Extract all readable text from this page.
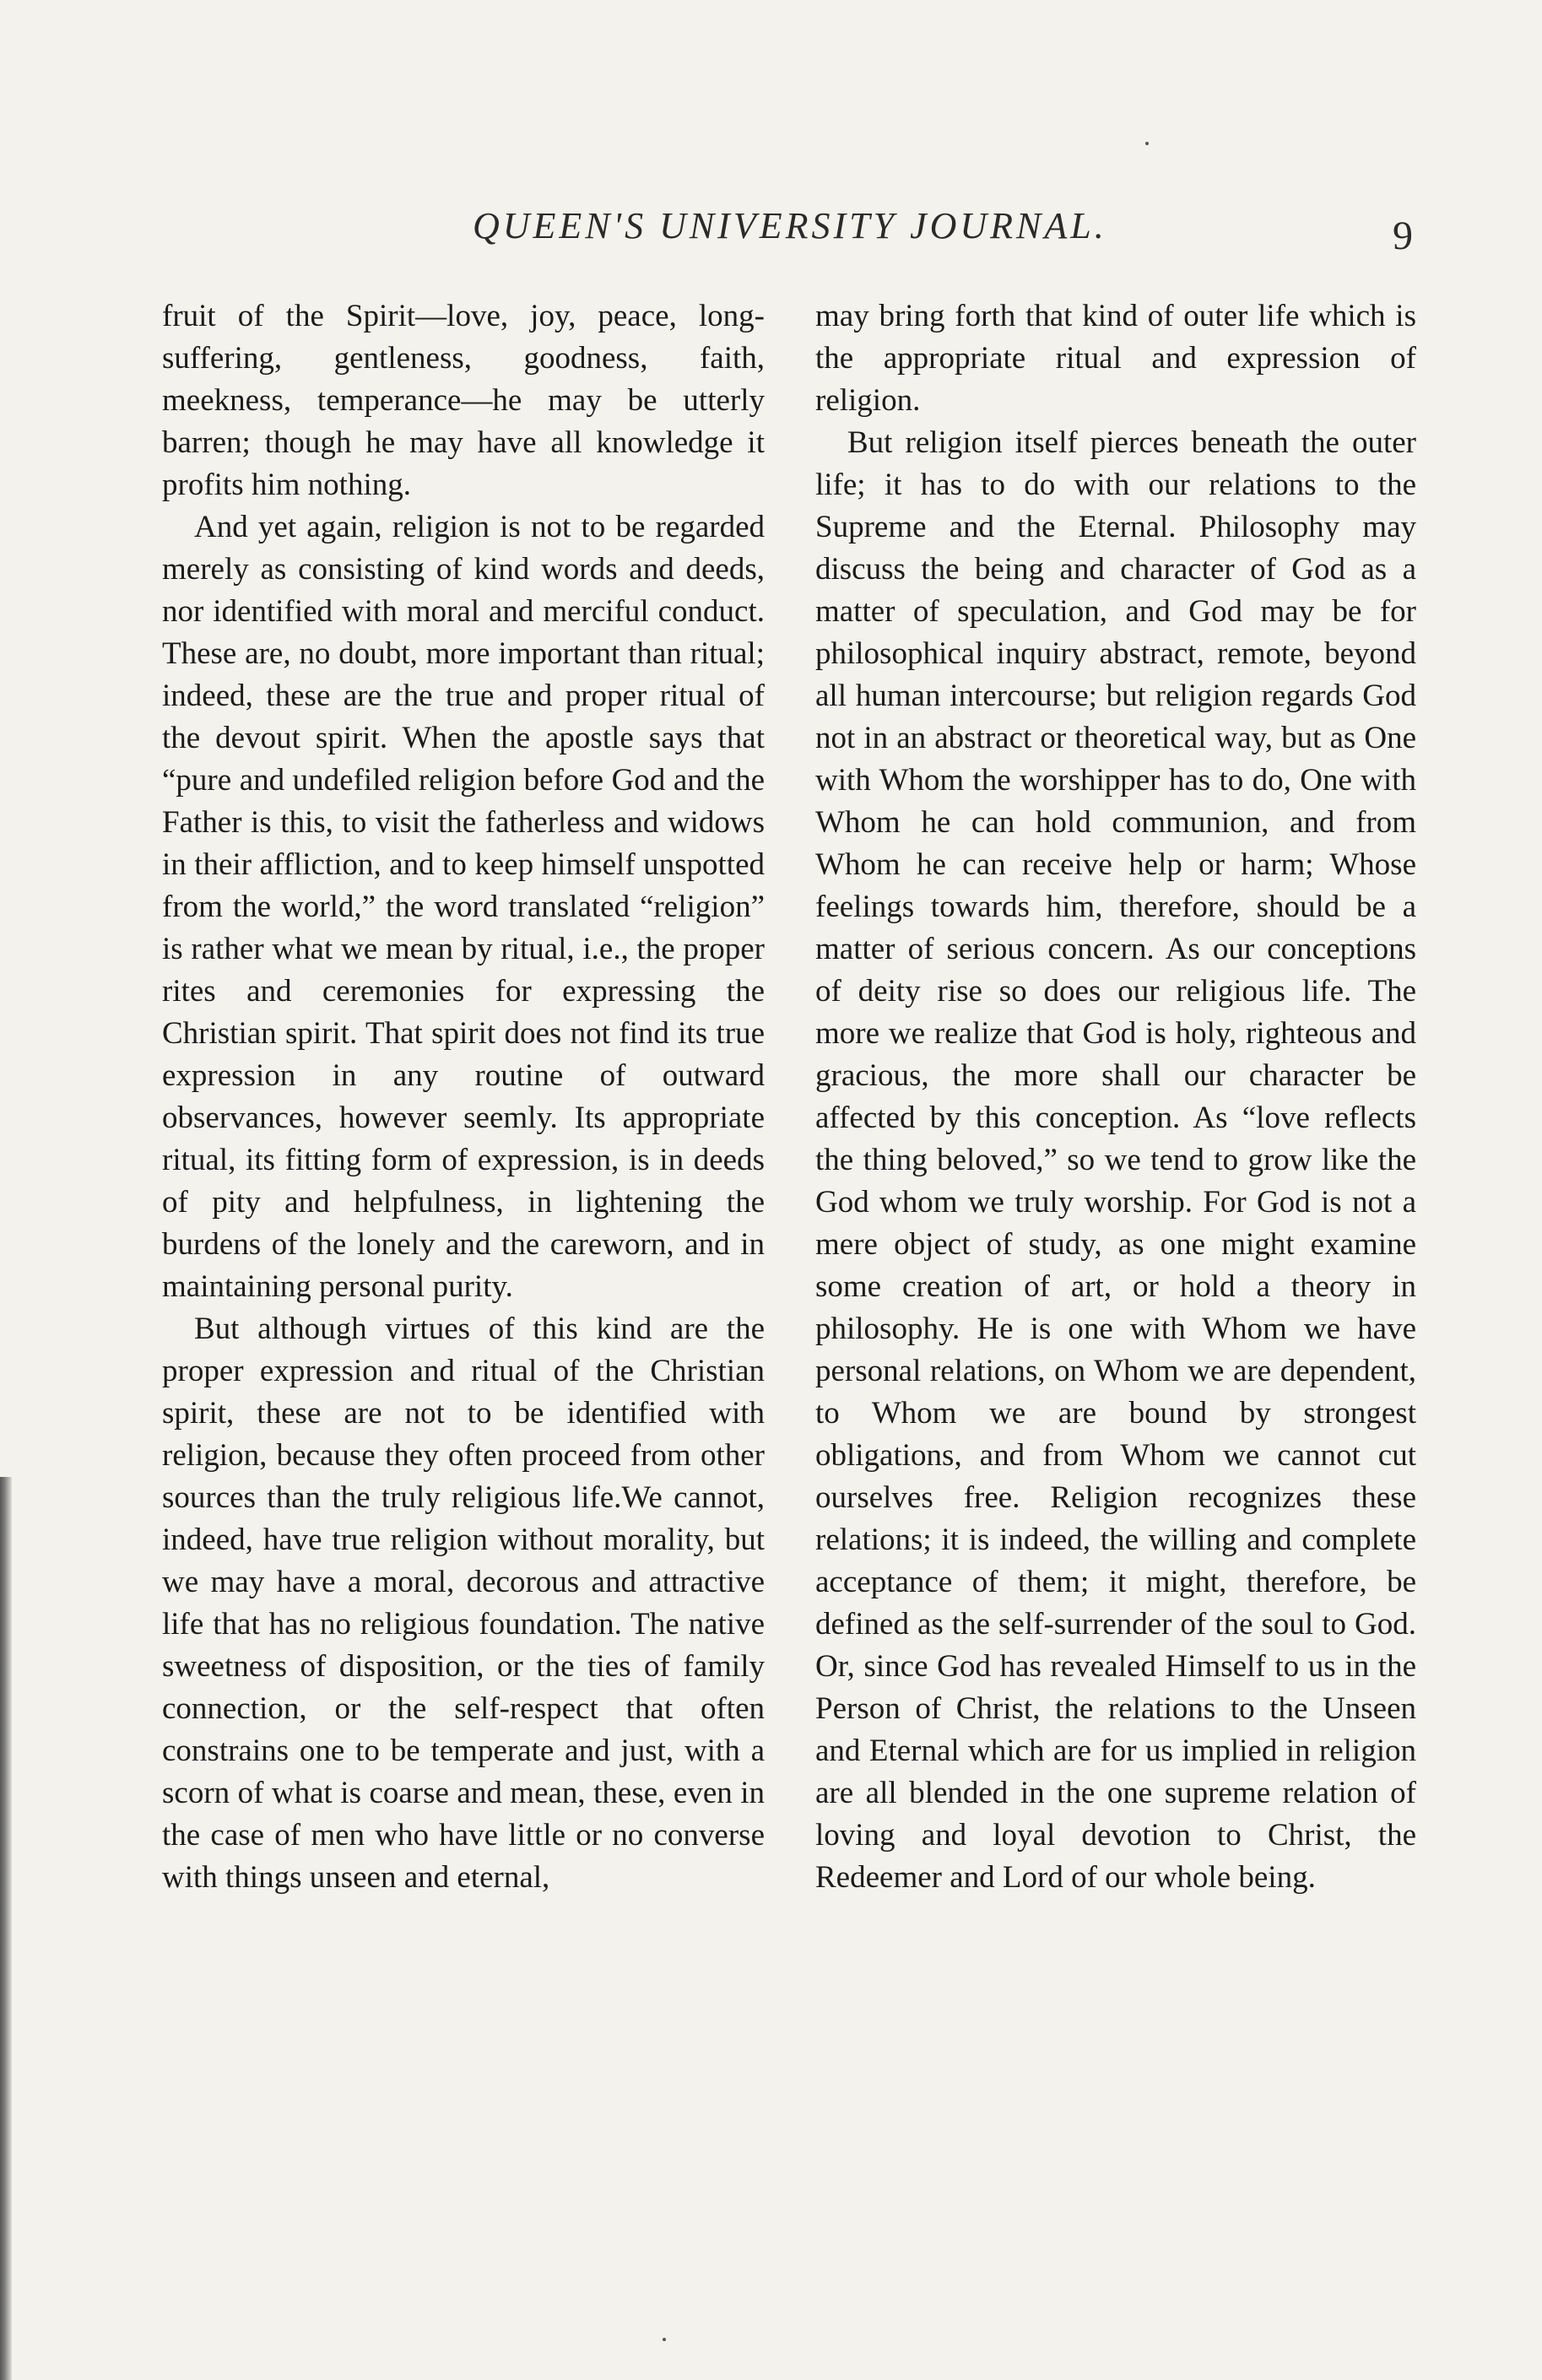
QUEEN'S UNIVERSITY JOURNAL.	9

fruit of the Spirit—love, joy, peace, long-suffering, gentleness, goodness, faith, meekness, temperance—he may be utterly barren; though he may have all knowledge it profits him nothing.

And yet again, religion is not to be regarded merely as consisting of kind words and deeds, nor identified with moral and merciful conduct. These are, no doubt, more important than ritual; indeed, these are the true and proper ritual of the devout spirit. When the apostle says that “pure and undefiled religion before God and the Father is this, to visit the fatherless and widows in their affliction, and to keep himself unspotted from the world,” the word translated “religion” is rather what we mean by ritual, i.e., the proper rites and ceremonies for expressing the Christian spirit. That spirit does not find its true expression in any routine of outward observances, however seemly. Its appropriate ritual, its fitting form of expression, is in deeds of pity and helpfulness, in lightening the burdens of the lonely and the careworn, and in maintaining personal purity.

But although virtues of this kind are the proper expression and ritual of the Christian spirit, these are not to be identified with religion, because they often proceed from other sources than the truly religious life.We cannot, indeed, have true religion without morality, but we may have a moral, decorous and attractive life that has no religious foundation. The native sweetness of disposition, or the ties of family connection, or the self-respect that often constrains one to be temperate and just, with a scorn of what is coarse and mean, these, even in the case of men who have little or no converse with things unseen and eternal,

may bring forth that kind of outer life which is the appropriate ritual and expression of religion.

But religion itself pierces beneath the outer life; it has to do with our relations to the Supreme and the Eternal. Philosophy may discuss the being and character of God as a matter of speculation, and God may be for philosophical inquiry abstract, remote, beyond all human intercourse; but religion regards God not in an abstract or theoretical way, but as One with Whom the worshipper has to do, One with Whom he can hold communion, and from Whom he can receive help or harm; Whose feelings towards him, therefore, should be a matter of serious concern. As our conceptions of deity rise so does our religious life. The more we realize that God is holy, righteous and gracious, the more shall our character be affected by this conception. As “love reflects the thing beloved,” so we tend to grow like the God whom we truly worship. For God is not a mere object of study, as one might examine some creation of art, or hold a theory in philosophy. He is one with Whom we have personal relations, on Whom we are dependent, to Whom we are bound by strongest obligations, and from Whom we cannot cut ourselves free. Religion recognizes these relations; it is indeed, the willing and complete acceptance of them; it might, therefore, be defined as the self-surrender of the soul to God. Or, since God has revealed Himself to us in the Person of Christ, the relations to the Unseen and Eternal which are for us implied in religion are all blended in the one supreme relation of loving and loyal devotion to Christ, the Redeemer and Lord of our whole being.
